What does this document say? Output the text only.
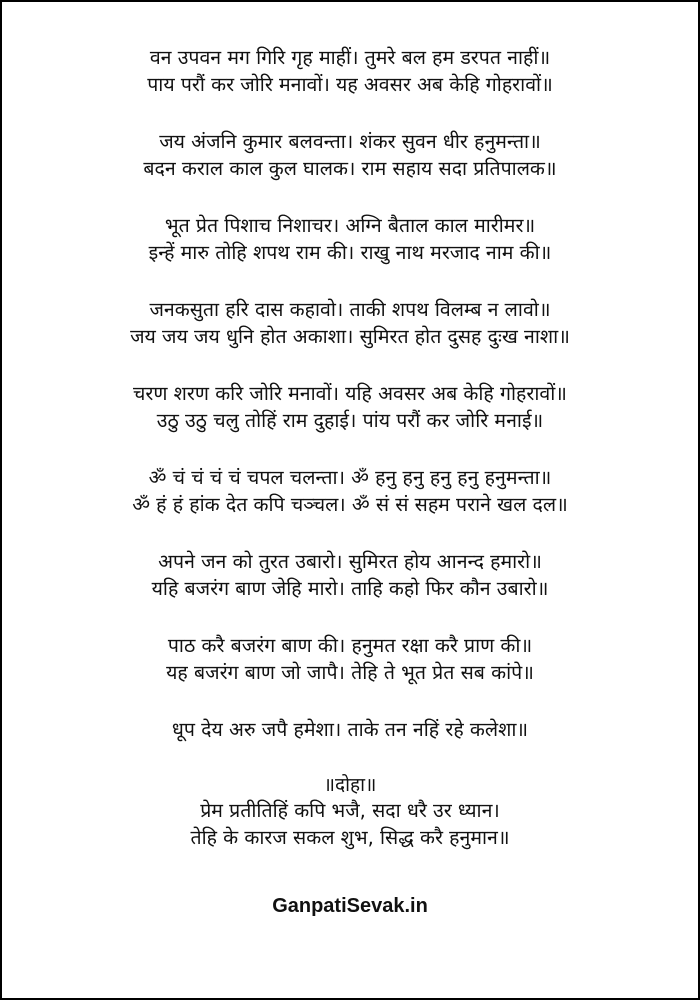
वन उपवन मग गिरि गृह माहीं। तुमरे बल हम डरपत नाहीं॥
पाय परौं कर जोरि मनावों। यह अवसर अब केहि गोहरावों॥
जय अंजनि कुमार बलवन्ता। शंकर सुवन धीर हनुमन्ता॥
बदन कराल काल कुल घालक। राम सहाय सदा प्रतिपालक॥
भूत प्रेत पिशाच निशाचर। अग्नि बैताल काल मारीमर॥
इन्हें मारु तोहि शपथ राम की। राखु नाथ मरजाद नाम की॥
जनकसुता हरि दास कहावो। ताकी शपथ विलम्ब न लावो॥
जय जय जय धुनि होत अकाशा। सुमिरत होत दुसह दुःख नाशा॥
चरण शरण करि जोरि मनावों। यहि अवसर अब केहि गोहरावों॥
उठु उठु चलु तोहिं राम दुहाई। पांय परौं कर जोरि मनाई॥
ॐ चं चं चं चं चपल चलन्ता। ॐ हनु हनु हनु हनु हनुमन्ता॥
ॐ हं हं हांक देत कपि चञ्चल। ॐ सं सं सहम पराने खल दल॥
अपने जन को तुरत उबारो। सुमिरत होय आनन्द हमारो॥
यहि बजरंग बाण जेहि मारो। ताहि कहो फिर कौन उबारो॥
पाठ करै बजरंग बाण की। हनुमत रक्षा करै प्राण की॥
यह बजरंग बाण जो जापै। तेहि ते भूत प्रेत सब कांपे॥
धूप देय अरु जपै हमेशा। ताके तन नहिं रहे कलेशा॥
॥दोहा॥
प्रेम प्रतीतिहिं कपि भजै, सदा धरै उर ध्यान।
तेहि के कारज सकल शुभ, सिद्ध करै हनुमान॥
GanpatiSevak.in
